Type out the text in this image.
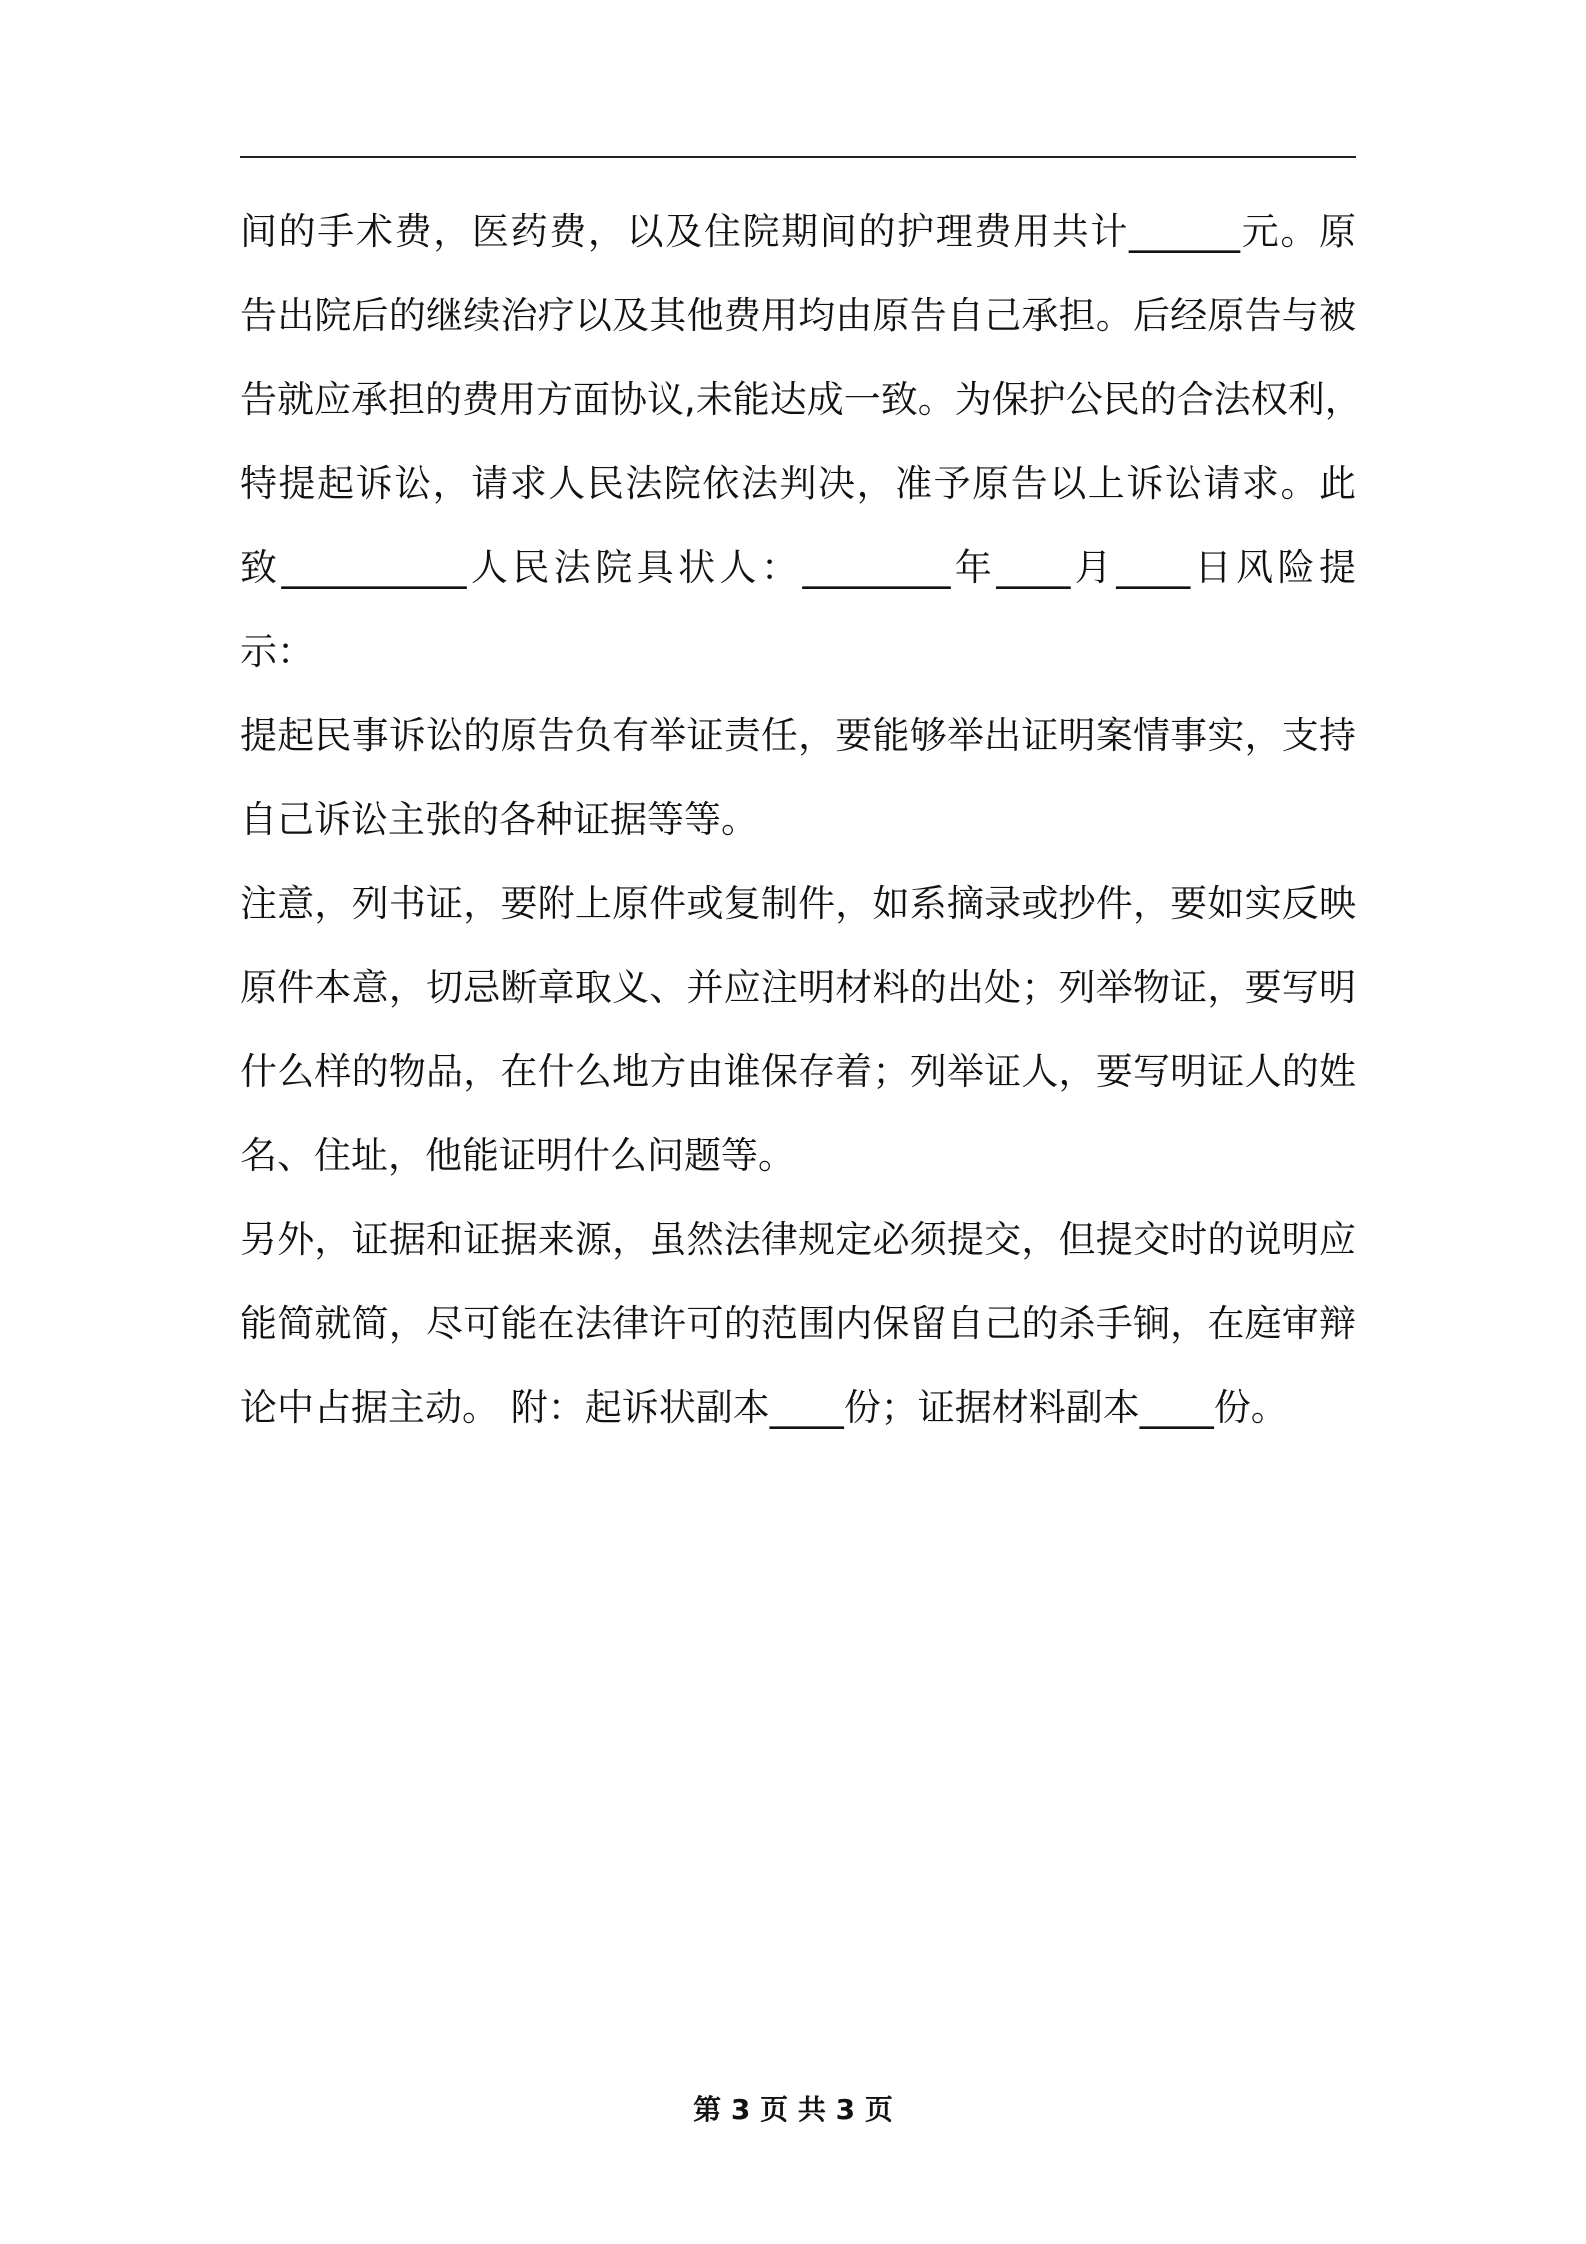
间的手术费，医药费，以及住院期间的护理费用共计______元。原
告出院后的继续治疗以及其他费用均由原告自己承担。后经原告与被
告就应承担的费用方面协议,未能达成一致。为保护公民的合法权利，
特提起诉讼，请求人民法院依法判决，准予原告以上诉讼请求。此
致__________人民法院具状人：________年____月____日风险提
示：
提起民事诉讼的原告负有举证责任，要能够举出证明案情事实，支持
自己诉讼主张的各种证据等等。
注意，列书证，要附上原件或复制件，如系摘录或抄件，要如实反映
原件本意，切忌断章取义、并应注明材料的出处；列举物证，要写明
什么样的物品，在什么地方由谁保存着；列举证人，要写明证人的姓
名、住址，他能证明什么问题等。
另外，证据和证据来源，虽然法律规定必须提交，但提交时的说明应
能简就简，尽可能在法律许可的范围内保留自己的杀手锏，在庭审辩
论中占据主动。 附：起诉状副本____份；证据材料副本____份。
第 3 页 共 3 页
